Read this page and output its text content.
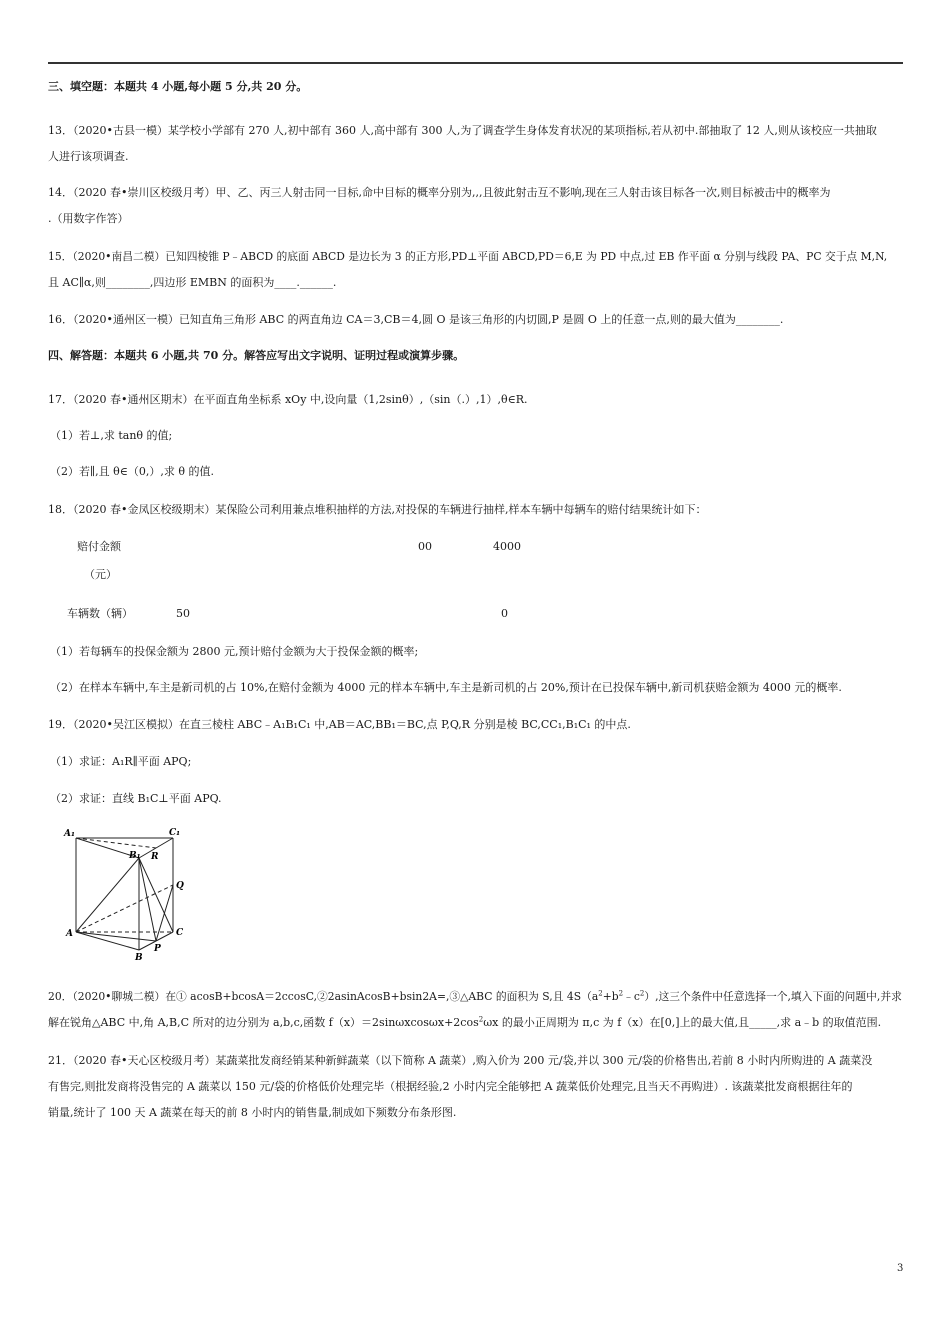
三、填空题：本题共 4 小题,每小题 5 分,共 20 分。
13．（2020•古县一模）某学校小学部有 270 人,初中部有 360 人,高中部有 300 人,为了调查学生身体发育状况的某项指标,若从初中.部抽取了 12 人,则从该校应一共抽取
人进行该项调查.
14．（2020 春•崇川区校级月考）甲、乙、丙三人射击同一目标,命中目标的概率分别为,,,且彼此射击互不影响,现在三人射击该目标各一次,则目标被击中的概率为
.（用数字作答）
15．（2020•南昌二模）已知四棱锥 P﹣ABCD 的底面 ABCD 是边长为 3 的正方形,PD⊥平面 ABCD,PD＝6,E 为 PD 中点,过 EB 作平面 α 分别与线段 PA、PC 交于点 M,N,
且 AC∥α,则________,四边形 EMBN 的面积为____.______.
16．（2020•通州区一模）已知直角三角形 ABC 的两直角边 CA＝3,CB＝4,圆 O 是该三角形的内切圆,P 是圆 O 上的任意一点,则的最大值为________.
四、解答题：本题共 6 小题,共 70 分。解答应写出文字说明、证明过程或演算步骤。
17．（2020 春•通州区期末）在平面直角坐标系 xOy 中,设向量（1,2sinθ）,（sin（.）,1）,θ∈R.
（1）若⊥,求 tanθ 的值;
（2）若∥,且 θ∈（0,）,求 θ 的值.
18．（2020 春•金凤区校级期末）某保险公司利用兼点堆积抽样的方法,对投保的车辆进行抽样,样本车辆中每辆车的赔付结果统计如下：
赔付金额	00	4000
（元）
车辆数（辆）	50	0
（1）若每辆车的投保金额为 2800 元,预计赔付金额为大于投保金额的概率;
（2）在样本车辆中,车主是新司机的占 10%,在赔付金额为 4000 元的样本车辆中,车主是新司机的占 20%,预计在已投保车辆中,新司机获赔金额为 4000 元的概率.
19．（2020•吴江区模拟）在直三棱柱 ABC﹣A₁B₁C₁ 中,AB＝AC,BB₁＝BC,点 P,Q,R 分别是棱 BC,CC₁,B₁C₁ 的中点.
（1）求证：A₁R∥平面 APQ;
（2）求证：直线 B₁C⊥平面 APQ.
A₁	C₁
B₁ R
Q
A	C
P
B
20．（2020•聊城二模）在① acosB+bcosA＝2ccosC,②2asinAcosB+bsin2A=,③△ABC 的面积为 S,且 $4S(a^2+b^2﹣c^2)$,这三个条件中任意选择一个,填入下面的问题中,并求
解在锐角△ABC 中,角 A,B,C 所对的边分别为 a,b,c,函数 $f(x)=2\sin\omega xcos\omega x+2\cos^2\omega x$ 的最小正周期为 π,c 为 f（x）在[0,]上的最大值,且_____,求 a﹣b 的取值范围.
21．（2020 春•天心区校级月考）某蔬菜批发商经销某种新鲜蔬菜（以下简称 A 蔬菜）,购入价为 200 元/袋,并以 300 元/袋的价格售出,若前 8 小时内所购进的 A 蔬菜没
有售完,则批发商将没售完的 A 蔬菜以 150 元/袋的价格低价处理完毕（根据经验,2 小时内完全能够把 A 蔬菜低价处理完,且当天不再购进）. 该蔬菜批发商根据往年的
销量,统计了 100 天 A 蔬菜在每天的前 8 小时内的销售量,制成如下频数分布条形图.
3
